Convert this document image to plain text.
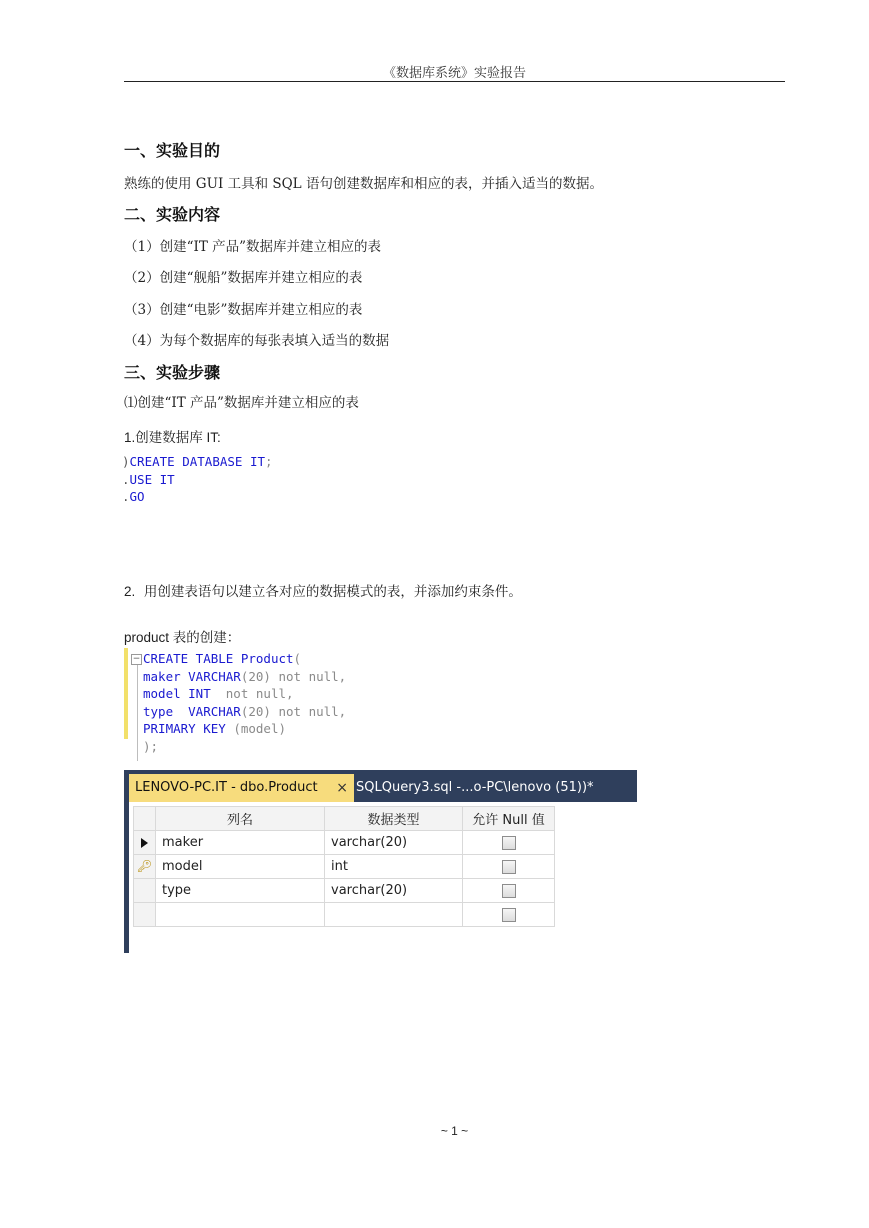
《数据库系统》实验报告
一、实验目的
熟练的使用 GUI 工具和 SQL 语句创建数据库和相应的表，并插入适当的数据。
二、实验内容
（1）创建“IT 产品”数据库并建立相应的表
（2）创建“舰船”数据库并建立相应的表
（3）创建“电影”数据库并建立相应的表
（4）为每个数据库的每张表填入适当的数据
三、实验步骤
⑴创建“IT 产品”数据库并建立相应的表
1.创建数据库 IT:
)CREATE DATABASE IT;
.USE IT
.GO
2. 用创建表语句以建立各对应的数据模式的表，并添加约束条件。
product 表的创建：
− CREATE TABLE Product(
maker VARCHAR(20) not null,
model INT  not null,
type  VARCHAR(20) not null,
PRIMARY KEY (model)
);
LENOVO-PC.IT - dbo.Product × SQLQuery3.sql -...o-PC\lenovo (51))*
	列名	数据类型	允许 Null 值
	maker	varchar(20)	
🔑︎	model	int	
	type	varchar(20)	

~ 1 ~
